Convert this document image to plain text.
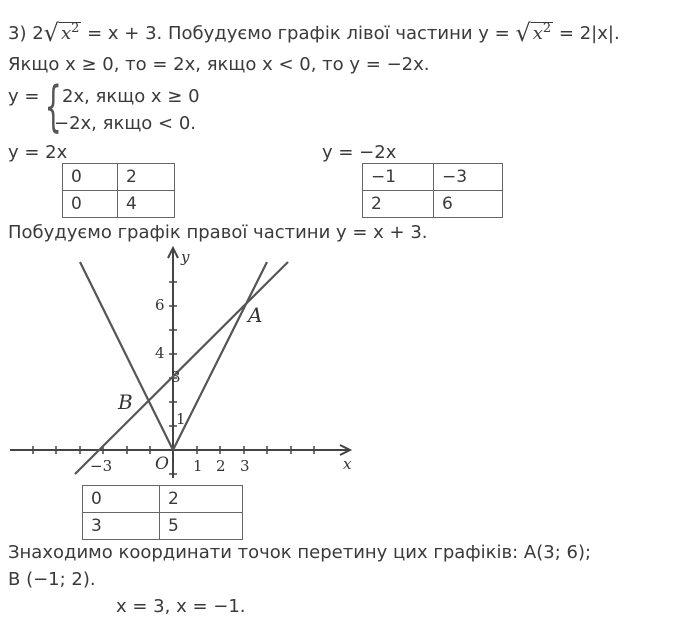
3) 2√ $x^2 = x + 3$. Побудуємо графік лівої частини y = √ $x^2 = 2|x|$.
Якщо x ≥ 0, то = 2x, якщо x < 0, то y = −2x.
y = { 2x, якщо x ≥ 0
−2x, якщо < 0.
y = 2x	y = −2x
0	2
0	4
−1	−3
2	6
Побудуємо графік правої частини y = x + 3.
x
y
O
A
B
−3	1 2 3
1
3
4
6
0	2
3	5
Знаходимо координати точок перетину цих графіків: A(3; 6);
B (−1; 2).
x = 3, x = −1.
